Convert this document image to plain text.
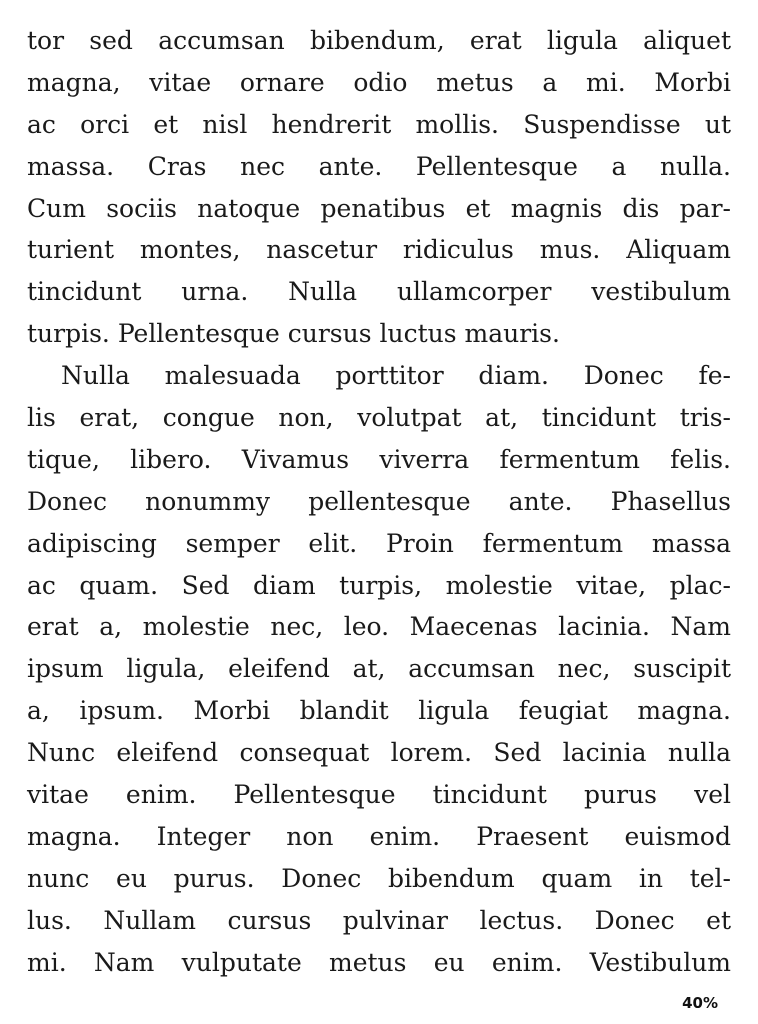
tor sed accumsan bibendum, erat ligula aliquet
magna, vitae ornare odio metus a mi. Morbi
ac orci et nisl hendrerit mollis. Suspendisse ut
massa. Cras nec ante. Pellentesque a nulla.
Cum sociis natoque penatibus et magnis dis par-
turient montes, nascetur ridiculus mus. Aliquam
tincidunt urna. Nulla ullamcorper vestibulum
turpis. Pellentesque cursus luctus mauris.
Nulla malesuada porttitor diam. Donec fe-
lis erat, congue non, volutpat at, tincidunt tris-
tique, libero. Vivamus viverra fermentum felis.
Donec nonummy pellentesque ante. Phasellus
adipiscing semper elit. Proin fermentum massa
ac quam. Sed diam turpis, molestie vitae, plac-
erat a, molestie nec, leo. Maecenas lacinia. Nam
ipsum ligula, eleifend at, accumsan nec, suscipit
a, ipsum. Morbi blandit ligula feugiat magna.
Nunc eleifend consequat lorem. Sed lacinia nulla
vitae enim. Pellentesque tincidunt purus vel
magna. Integer non enim. Praesent euismod
nunc eu purus. Donec bibendum quam in tel-
lus. Nullam cursus pulvinar lectus. Donec et
mi. Nam vulputate metus eu enim. Vestibulum
40%
